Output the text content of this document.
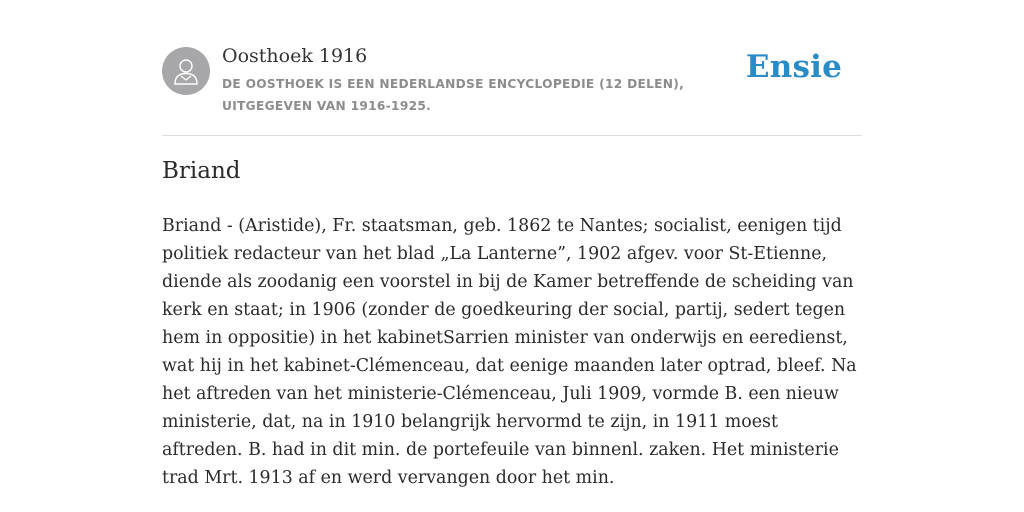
Oosthoek 1916
DE OOSTHOEK IS EEN NEDERLANDSE ENCYCLOPEDIE (12 DELEN), UITGEGEVEN VAN 1916-1925.
Ensie
Briand

Briand - (Aristide), Fr. staatsman, geb. 1862 te Nantes; socialist, eenigen tijd politiek redacteur van het blad „La Lanterne”, 1902 afgev. voor St-Etienne, diende als zoodanig een voorstel in bij de Kamer betreffende de scheiding van kerk en staat; in 1906 (zonder de goedkeuring der social, partij, sedert tegen hem in oppositie) in het kabinetSarrien minister van onderwijs en eeredienst, wat hij in het kabinet-Clémenceau, dat eenige maanden later optrad, bleef. Na het aftreden van het ministerie-Clémenceau, Juli 1909, vormde B. een nieuw ministerie, dat, na in 1910 belangrijk hervormd te zijn, in 1911 moest aftreden. B. had in dit min. de portefeuile van binnenl. zaken. Het ministerie trad Mrt. 1913 af en werd vervangen door het min.
